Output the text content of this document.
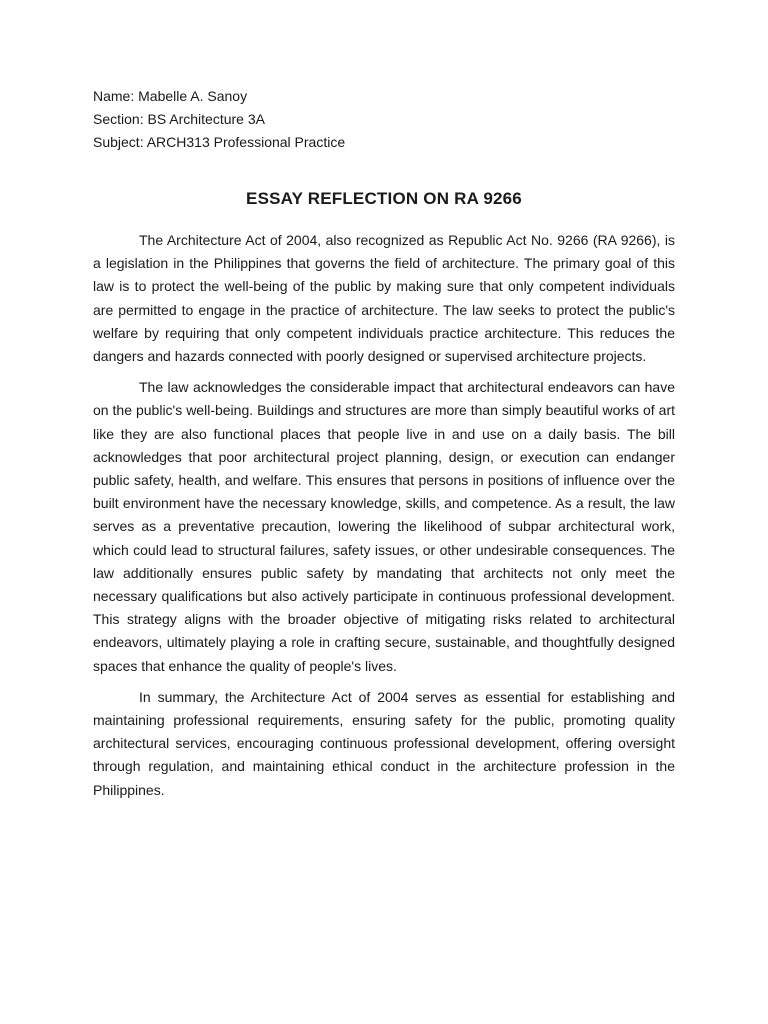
Name: Mabelle A. Sanoy

Section: BS Architecture 3A

Subject: ARCH313 Professional Practice

ESSAY REFLECTION ON RA 9266

The Architecture Act of 2004, also recognized as Republic Act No. 9266 (RA 9266), is a legislation in the Philippines that governs the field of architecture. The primary goal of this law is to protect the well-being of the public by making sure that only competent individuals are permitted to engage in the practice of architecture. The law seeks to protect the public's welfare by requiring that only competent individuals practice architecture. This reduces the dangers and hazards connected with poorly designed or supervised architecture projects.

The law acknowledges the considerable impact that architectural endeavors can have on the public's well-being. Buildings and structures are more than simply beautiful works of art like they are also functional places that people live in and use on a daily basis. The bill acknowledges that poor architectural project planning, design, or execution can endanger public safety, health, and welfare. This ensures that persons in positions of influence over the built environment have the necessary knowledge, skills, and competence. As a result, the law serves as a preventative precaution, lowering the likelihood of subpar architectural work, which could lead to structural failures, safety issues, or other undesirable consequences. The law additionally ensures public safety by mandating that architects not only meet the necessary qualifications but also actively participate in continuous professional development. This strategy aligns with the broader objective of mitigating risks related to architectural endeavors, ultimately playing a role in crafting secure, sustainable, and thoughtfully designed spaces that enhance the quality of people's lives.

In summary, the Architecture Act of 2004 serves as essential for establishing and maintaining professional requirements, ensuring safety for the public, promoting quality architectural services, encouraging continuous professional development, offering oversight through regulation, and maintaining ethical conduct in the architecture profession in the Philippines.
